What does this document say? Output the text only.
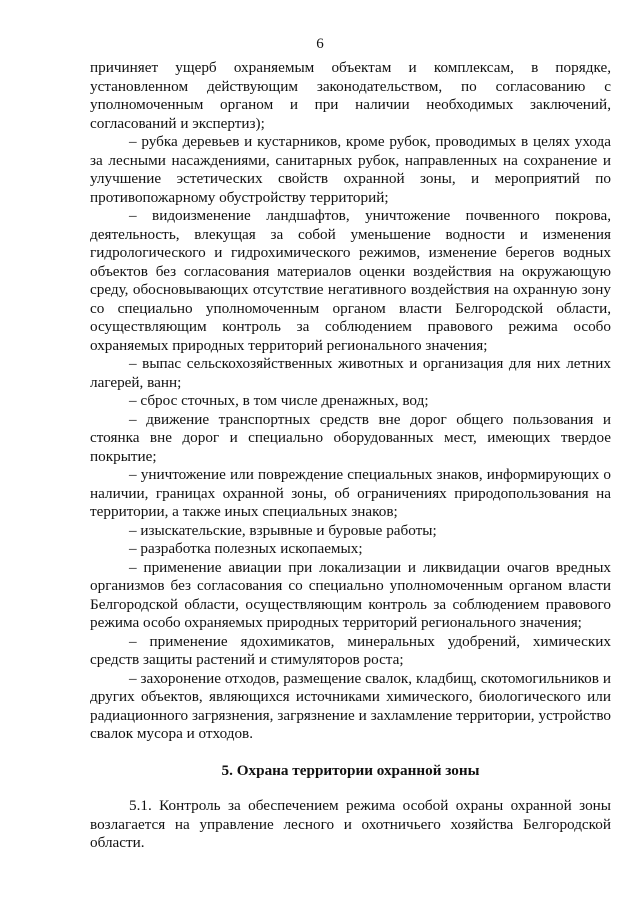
6

причиняет ущерб охраняемым объектам и комплексам, в порядке, установленном действующим законодательством, по согласованию с уполномоченным органом и при наличии необходимых заключений, согласований и экспертиз);

– рубка деревьев и кустарников, кроме рубок, проводимых в целях ухода за лесными насаждениями, санитарных рубок, направленных на сохранение и улучшение эстетических свойств охранной зоны, и мероприятий по противопожарному обустройству территорий;

– видоизменение ландшафтов, уничтожение почвенного покрова, деятельность, влекущая за собой уменьшение водности и изменения гидрологического и гидрохимического режимов, изменение берегов водных объектов без согласования материалов оценки воздействия на окружающую среду, обосновывающих отсутствие негативного воздействия на охранную зону со специально уполномоченным органом власти Белгородской области, осуществляющим контроль за соблюдением правового режима особо охраняемых природных территорий регионального значения;

– выпас сельскохозяйственных животных и организация для них летних лагерей, ванн;

– сброс сточных, в том числе дренажных, вод;

– движение транспортных средств вне дорог общего пользования и стоянка вне дорог и специально оборудованных мест, имеющих твердое покрытие;

– уничтожение или повреждение специальных знаков, информирующих о наличии, границах охранной зоны, об ограничениях природопользования на территории, а также иных специальных знаков;

– изыскательские, взрывные и буровые работы;

– разработка полезных ископаемых;

– применение авиации при локализации и ликвидации очагов вредных организмов без согласования со специально уполномоченным органом власти Белгородской области, осуществляющим контроль за соблюдением правового режима особо охраняемых природных территорий регионального значения;

– применение ядохимикатов, минеральных удобрений, химических средств защиты растений и стимуляторов роста;

– захоронение отходов, размещение свалок, кладбищ, скотомогильников и других объектов, являющихся источниками химического, биологического или радиационного загрязнения, загрязнение и захламление территории, устройство свалок мусора и отходов.

5. Охрана территории охранной зоны

5.1. Контроль за обеспечением режима особой охраны охранной зоны возлагается на управление лесного и охотничьего хозяйства Белгородской области.
